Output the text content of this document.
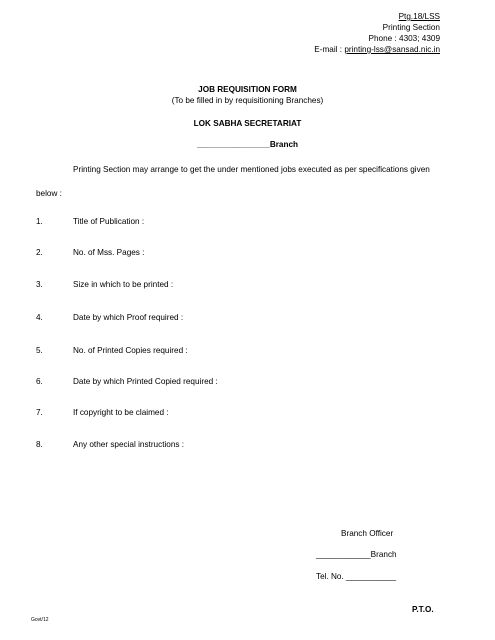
Ptg.18/LSS
Printing Section
Phone : 4303; 4309
E-mail : printing-lss@sansad.nic.in
JOB REQUISITION FORM
(To be filled in by requisitioning Branches)
LOK SABHA SECRETARIAT
________________Branch
Printing Section may arrange to get the under mentioned jobs executed as per specifications given
below :
1.	Title of Publication :
2.	No. of Mss. Pages :
3.	Size in which to be printed :
4.	Date by which Proof required :
5.	No. of Printed Copies required :
6.	Date by which Printed Copied required :
7.	If copyright to be claimed :
8.	Any other special instructions :
Branch Officer
____________Branch
Tel. No. ___________
P.T.O.
Govt/12
